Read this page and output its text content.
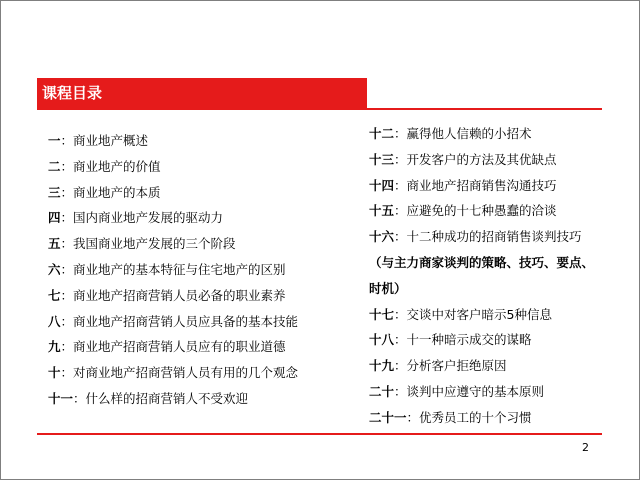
课程目录
一：商业地产概述
二：商业地产的价值
三：商业地产的本质
四：国内商业地产发展的驱动力
五：我国商业地产发展的三个阶段
六：商业地产的基本特征与住宅地产的区别
七：商业地产招商营销人员必备的职业素养
八：商业地产招商营销人员应具备的基本技能
九：商业地产招商营销人员应有的职业道德
十：对商业地产招商营销人员有用的几个观念
十一：什么样的招商营销人不受欢迎
十二：赢得他人信赖的小招术
十三：开发客户的方法及其优缺点
十四：商业地产招商销售沟通技巧
十五：应避免的十七种愚蠢的洽谈
十六：十二种成功的招商销售谈判技巧
（与主力商家谈判的策略、技巧、要点、
时机）
十七：交谈中对客户暗示5种信息
十八：十一种暗示成交的谋略
十九：分析客户拒绝原因
二十：谈判中应遵守的基本原则
二十一：优秀员工的十个习惯
2
